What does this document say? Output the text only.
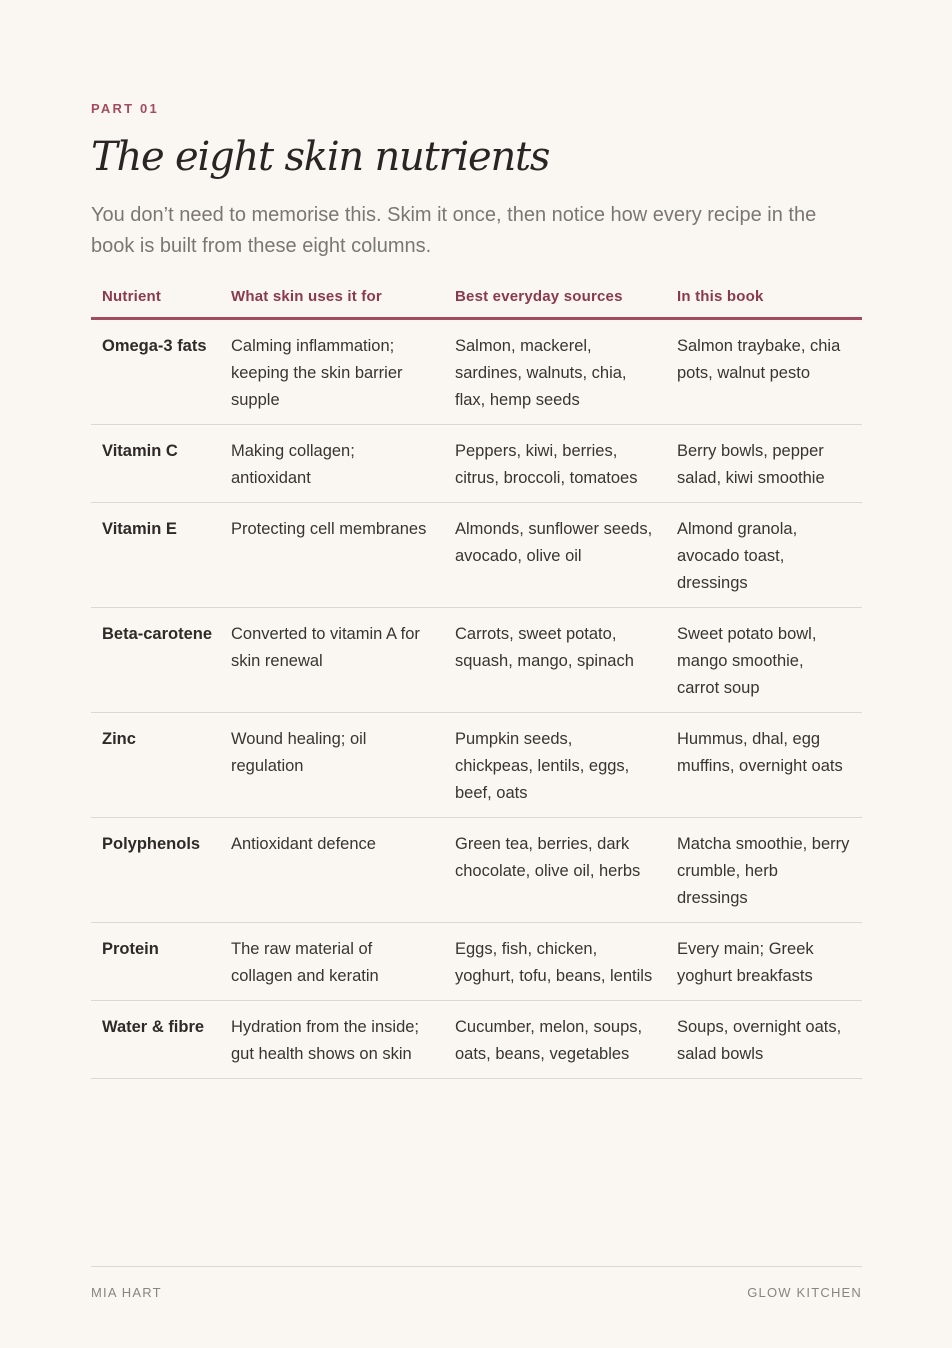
PART 01
The eight skin nutrients

You don’t need to memorise this. Skim it once, then notice how every recipe in the book is built from these eight columns.

Nutrient	What skin uses it for	Best everyday sources	In this book
Omega-3 fats	Calming inflammation; keeping the skin barrier supple	Salmon, mackerel, sardines, walnuts, chia, flax, hemp seeds	Salmon traybake, chia pots, walnut pesto
Vitamin C	Making collagen; antioxidant	Peppers, kiwi, berries, citrus, broccoli, tomatoes	Berry bowls, pepper salad, kiwi smoothie
Vitamin E	Protecting cell membranes	Almonds, sunflower seeds, avocado, olive oil	Almond granola, avocado toast, dressings
Beta-carotene	Converted to vitamin A for skin renewal	Carrots, sweet potato, squash, mango, spinach	Sweet potato bowl, mango smoothie, carrot soup
Zinc	Wound healing; oil regulation	Pumpkin seeds, chickpeas, lentils, eggs, beef, oats	Hummus, dhal, egg muffins, overnight oats
Polyphenols	Antioxidant defence	Green tea, berries, dark chocolate, olive oil, herbs	Matcha smoothie, berry crumble, herb dressings
Protein	The raw material of collagen and keratin	Eggs, fish, chicken, yoghurt, tofu, beans, lentils	Every main; Greek yoghurt breakfasts
Water & fibre	Hydration from the inside; gut health shows on skin	Cucumber, melon, soups, oats, beans, vegetables	Soups, overnight oats, salad bowls
MIA HART	GLOW KITCHEN
